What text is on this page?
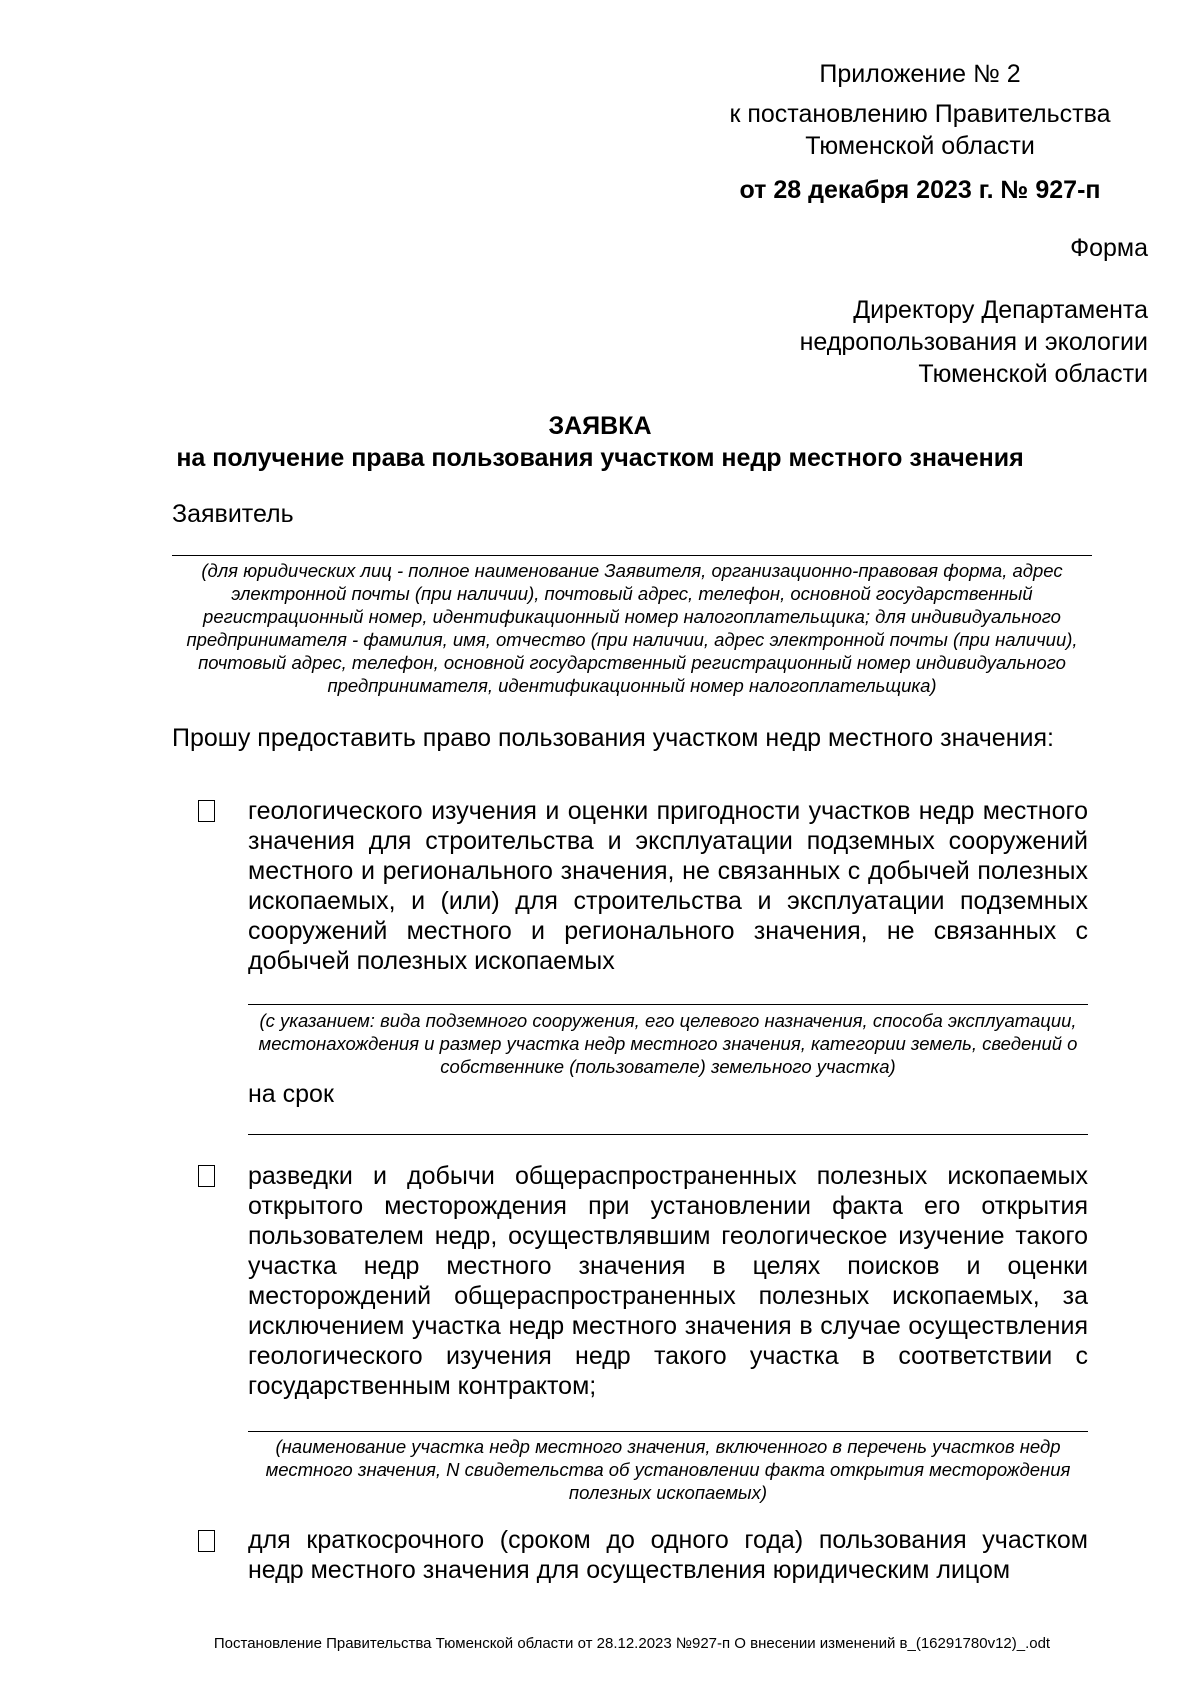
Приложение № 2
к постановлению Правительства
Тюменской области
от 28 декабря 2023 г. № 927-п
Форма
Директору Департамента
недропользования и экологии
Тюменской области
ЗАЯВКА
на получение права пользования участком недр местного значения
Заявитель
(для юридических лиц - полное наименование Заявителя, организационно-правовая форма, адрес электронной почты (при наличии), почтовый адрес, телефон, основной государственный регистрационный номер, идентификационный номер налогоплательщика; для индивидуального предпринимателя - фамилия, имя, отчество (при наличии, адрес электронной почты (при наличии), почтовый адрес, телефон, основной государственный регистрационный номер индивидуального предпринимателя, идентификационный номер налогоплательщика)
Прошу предоставить право пользования участком недр местного значения:
геологического изучения и оценки пригодности участков недр местного значения для строительства и эксплуатации подземных сооружений местного и регионального значения, не связанных с добычей полезных ископаемых, и (или) для строительства и эксплуатации подземных сооружений местного и регионального значения, не связанных с добычей полезных ископаемых
(с указанием: вида подземного сооружения, его целевого назначения, способа эксплуатации, местонахождения и размер участка недр местного значения, категории земель, сведений о собственнике (пользователе) земельного участка)
на срок
разведки и добычи общераспространенных полезных ископаемых открытого месторождения при установлении факта его открытия пользователем недр, осуществлявшим геологическое изучение такого участка недр местного значения в целях поисков и оценки месторождений общераспространенных полезных ископаемых, за исключением участка недр местного значения в случае осуществления геологического изучения недр такого участка в соответствии с государственным контрактом;
(наименование участка недр местного значения, включенного в перечень участков недр местного значения, N свидетельства об установлении факта открытия месторождения полезных ископаемых)
для краткосрочного (сроком до одного года) пользования участком недр местного значения для осуществления юридическим лицом
Постановление Правительства Тюменской области от 28.12.2023 №927-п О внесении изменений в_(16291780v12)_.odt
